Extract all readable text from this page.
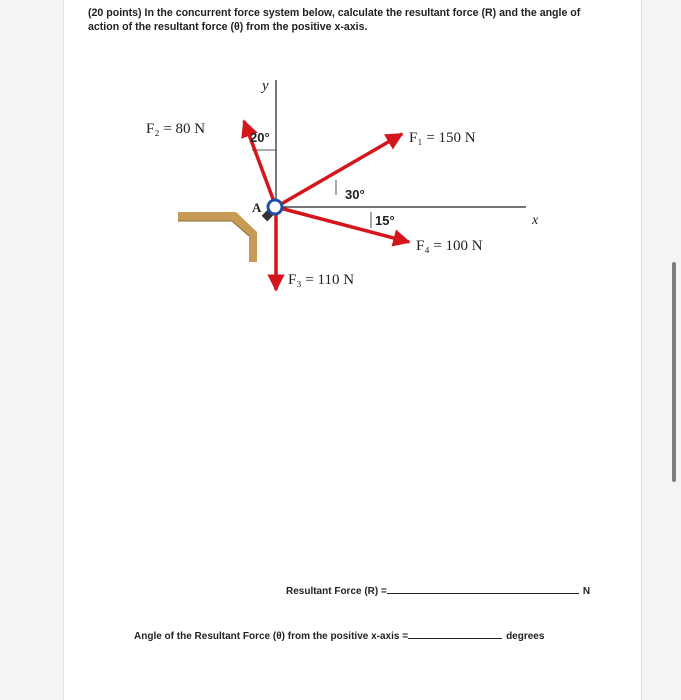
(20 points) In the concurrent force system below, calculate the resultant force (R) and the angle of action of the resultant force (θ) from the positive x-axis.

y
x
A
F₁ = 150 N
F₂ = 80 N
F₃ = 110 N
F₄ = 100 N
20°
30°
15°
Resultant Force (R) =	N
Angle of the Resultant Force (θ) from the positive x-axis =	degrees
